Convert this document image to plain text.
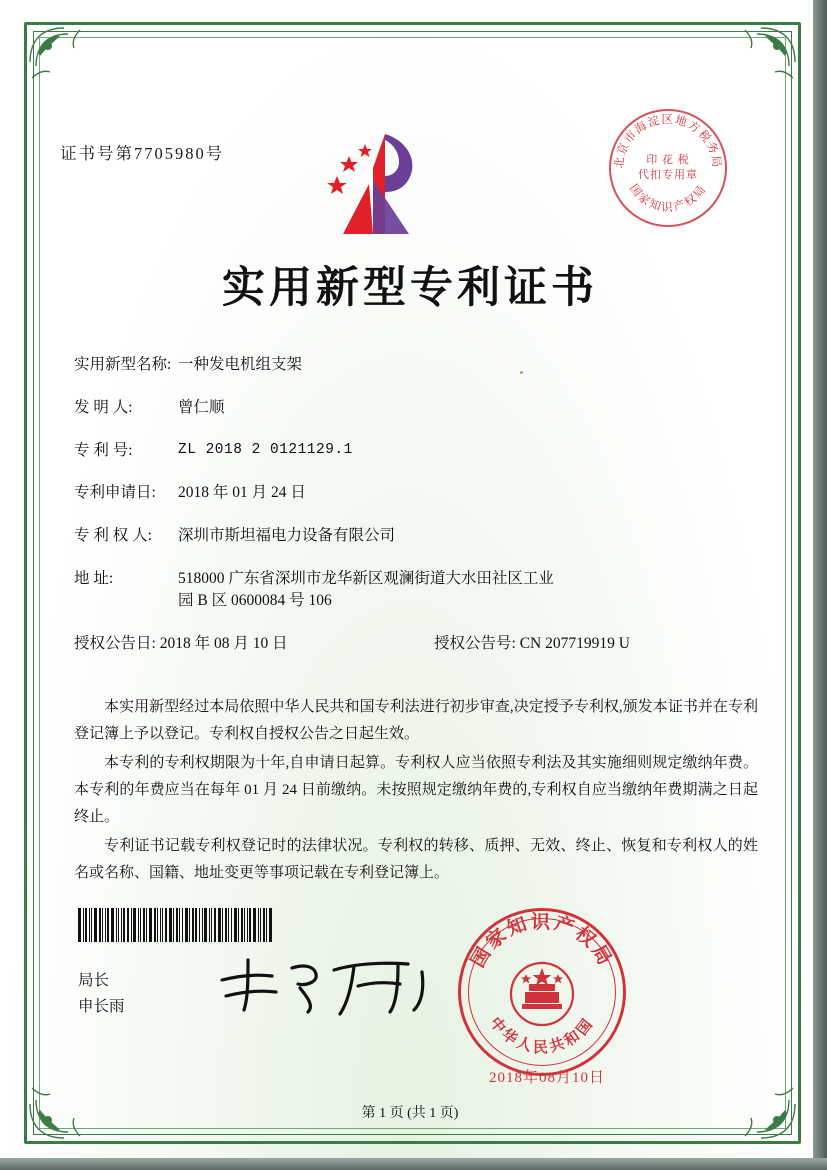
证书号第7705980号	北京市海淀区地方税务局
国家知识产权局
印 花 税
代扣专用章
实用新型专利证书
实用新型名称: 一种发电机组支架
发 明 人:	曾仁顺
专 利 号:	ZL 2018 2 0121129.1
专利申请日:	2018 年 01 月 24 日
专 利 权 人:	深圳市斯坦福电力设备有限公司
地 址:	518000 广东省深圳市龙华新区观澜街道大水田社区工业
园 B 区 0600084 号 106
授权公告日: 2018 年 08 月 10 日	授权公告号: CN 207719919 U

本实用新型经过本局依照中华人民共和国专利法进行初步审查,决定授予专利权,颁发本证书并在专利登记簿上予以登记。专利权自授权公告之日起生效。

本专利的专利权期限为十年,自申请日起算。专利权人应当依照专利法及其实施细则规定缴纳年费。本专利的年费应当在每年 01 月 24 日前缴纳。未按照规定缴纳年费的,专利权自应当缴纳年费期满之日起终止。

专利证书记载专利权登记时的法律状况。专利权的转移、质押、无效、终止、恢复和专利权人的姓名或名称、国籍、地址变更等事项记载在专利登记簿上。

局长
申长雨
国家知识产权局
中华人民共和国
2018年08月10日
第 1 页 (共 1 页)
